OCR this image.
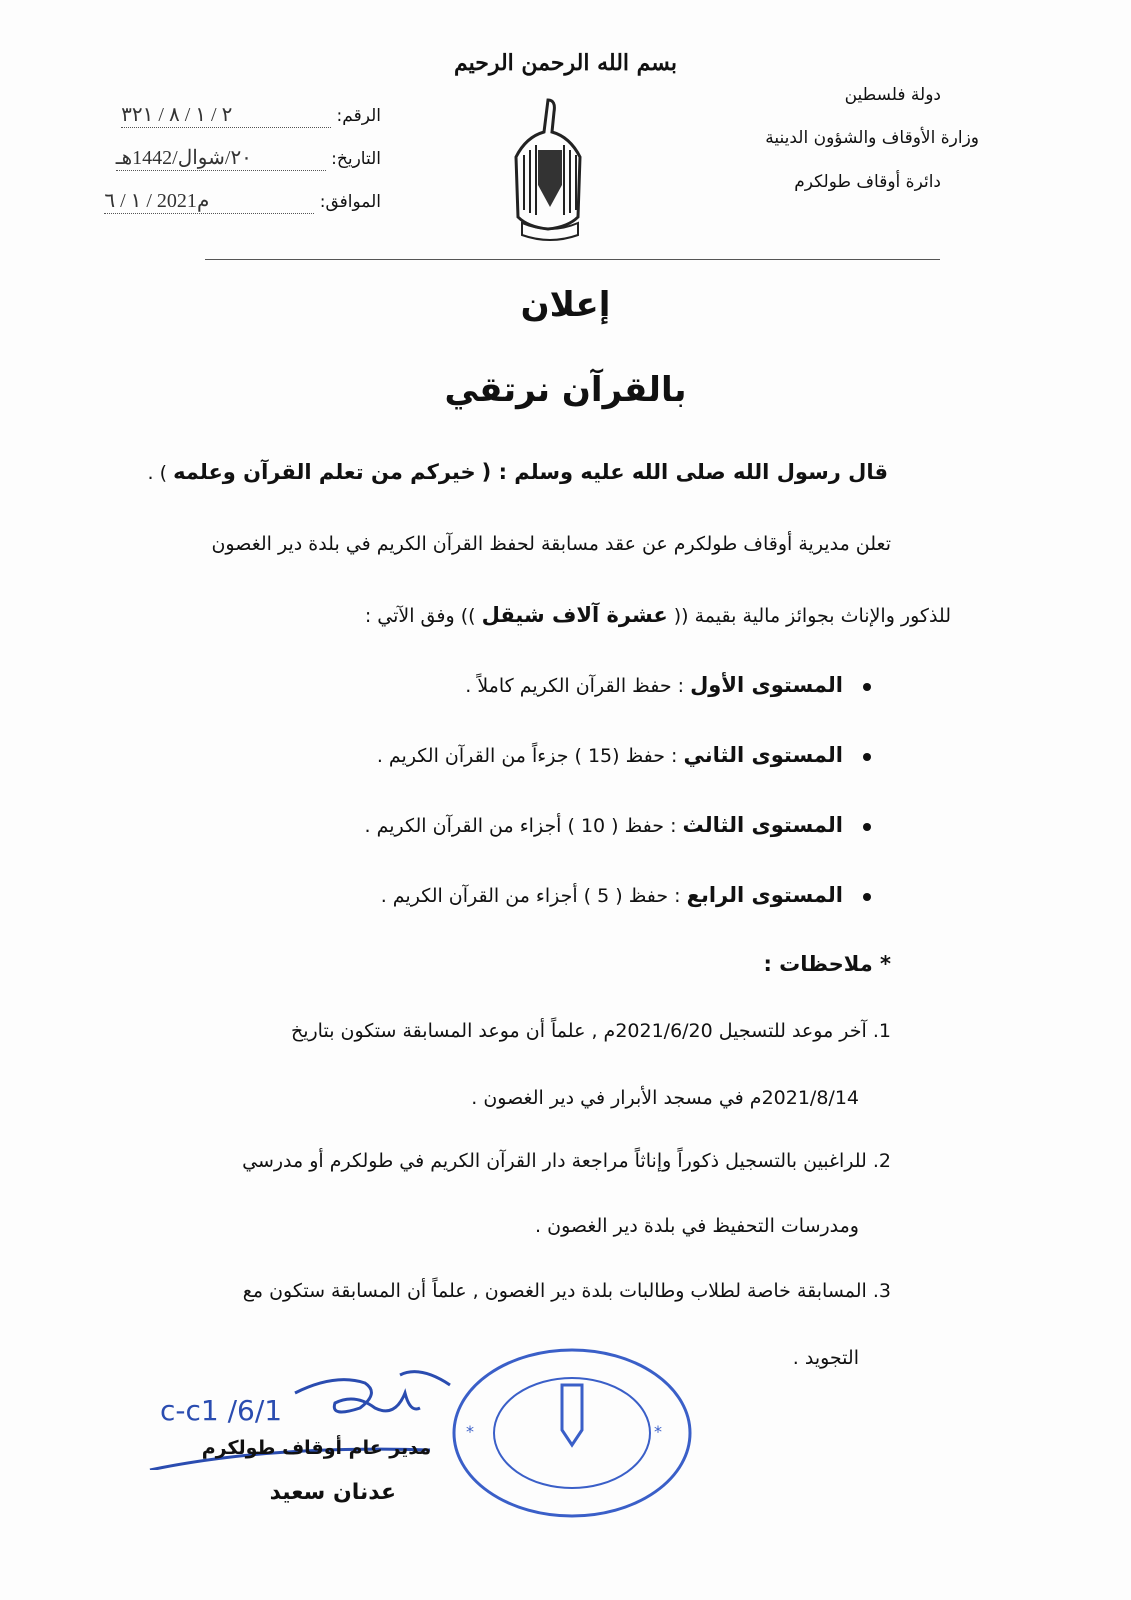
بسم الله الرحمن الرحيم
دولة فلسطين
وزارة الأوقاف والشؤون الدينية
دائرة أوقاف طولكرم
الرقم: ٢ / ١ / ٨ / ٣٢١
التاريخ: ٢٠/شوال/1442هـ
الموافق: ١ / ٦ / 2021م
إعلان
بالقرآن نرتقي
قال رسول الله صلى الله عليه وسلم : ( خيركم من تعلم القرآن وعلمه ) .
تعلن مديرية أوقاف طولكرم عن عقد مسابقة لحفظ القرآن الكريم في بلدة دير الغصون
للذكور والإناث بجوائز مالية بقيمة (( عشرة آلاف شيقل )) وفق الآتي :
المستوى الأول : حفظ القرآن الكريم كاملاً .
المستوى الثاني : حفظ (15 ) جزءاً من القرآن الكريم .
المستوى الثالث : حفظ ( 10 ) أجزاء من القرآن الكريم .
المستوى الرابع : حفظ ( 5 ) أجزاء من القرآن الكريم .
* ملاحظات :
1. آخر موعد للتسجيل 2021/6/20م , علماً أن موعد المسابقة ستكون بتاريخ
2021/8/14م في مسجد الأبرار في دير الغصون .
2. للراغبين بالتسجيل ذكوراً وإناثاً مراجعة دار القرآن الكريم في طولكرم أو مدرسي
ومدرسات التحفيظ في بلدة دير الغصون .
3. المسابقة خاصة لطلاب وطالبات بلدة دير الغصون , علماً أن المسابقة ستكون مع
التجويد .
*	*
c-c1 /6/1
مدير عام أوقاف طولكرم
عدنان سعيد
